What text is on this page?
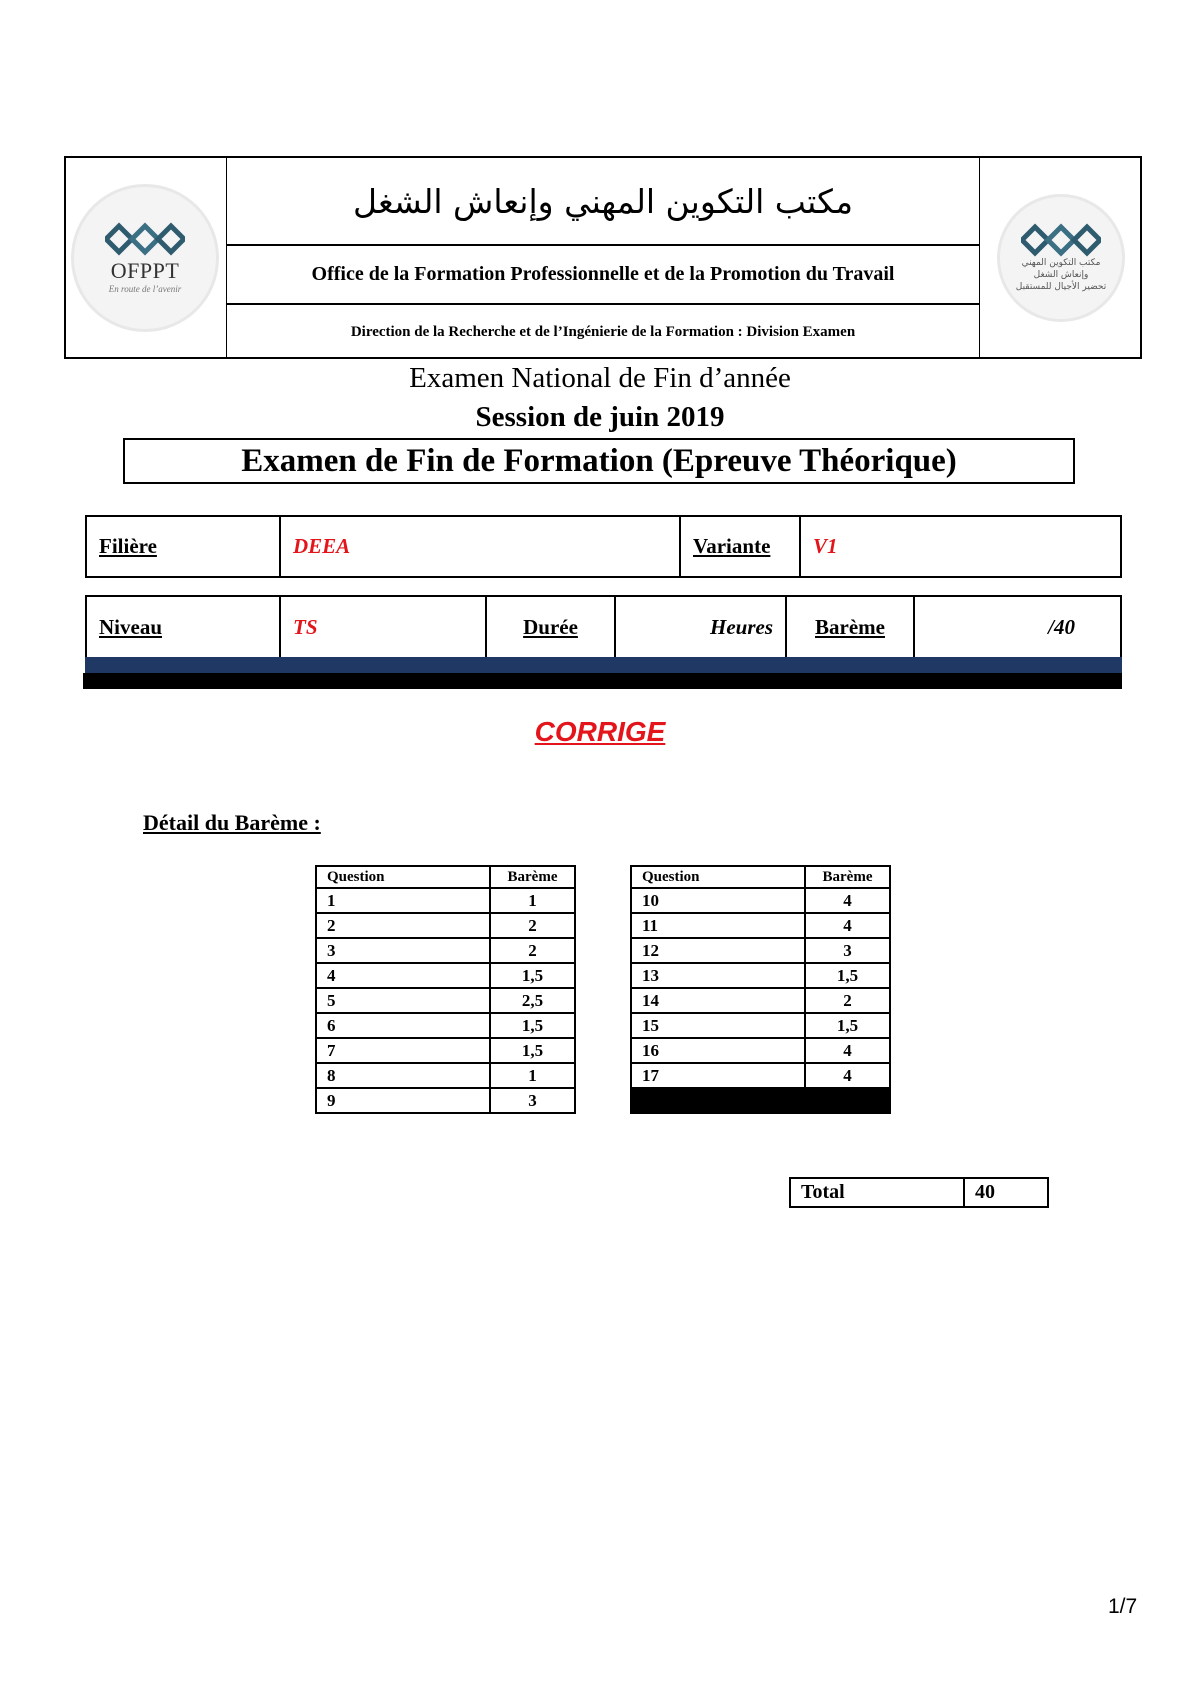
OFPPT
En route de l’avenir
مكتب التكوين المهني وإنعاش الشغل
Office de la Formation Professionnelle et de la Promotion du Travail
Direction de la Recherche et de l’Ingénierie de la Formation : Division Examen
مكتب التكوين المهني
وإنعاش الشغل
تحضير الأجيال للمستقبل
Examen National de Fin d’année
Session de juin 2019
Examen de Fin de Formation (Epreuve Théorique)
Filière	DEEA	Variante	V1
Niveau	TS	Durée	Heures	Barème	/40
CORRIGE
Détail du Barème :
Question	Barème
1	1
2	2
3	2
4	1,5
5	2,5
6	1,5
7	1,5
8	1
9	3
Question	Barème
10	4
11	4
12	3
13	1,5
14	2
15	1,5
16	4
17	4

Total	40
1/7
